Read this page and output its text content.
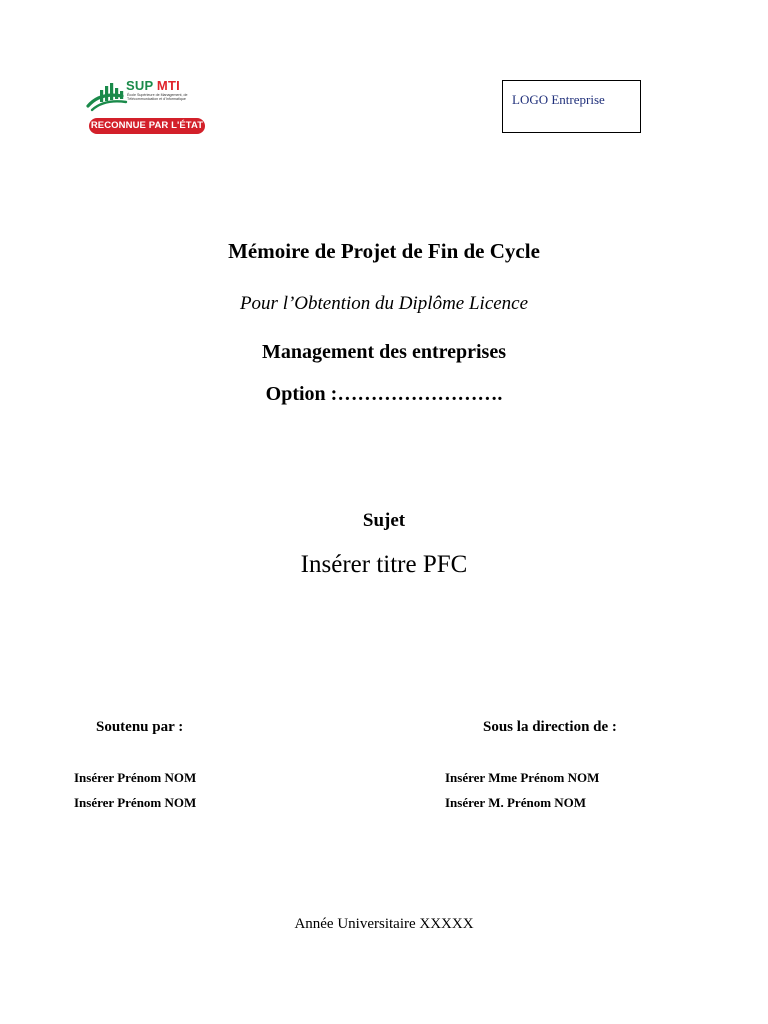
SUP MTI
École Supérieure de Management, de Télécommunication et d'Informatique
RECONNUE PAR L'ÉTAT
LOGO Entreprise
Mémoire de Projet de Fin de Cycle
Pour l’Obtention du Diplôme Licence
Management des entreprises
Option :…………………….
Sujet
Insérer titre PFC
Soutenu par :	Sous la direction de :
Insérer Prénom NOM
Insérer Prénom NOM
Insérer Mme Prénom NOM
Insérer M. Prénom NOM
Année Universitaire XXXXX
